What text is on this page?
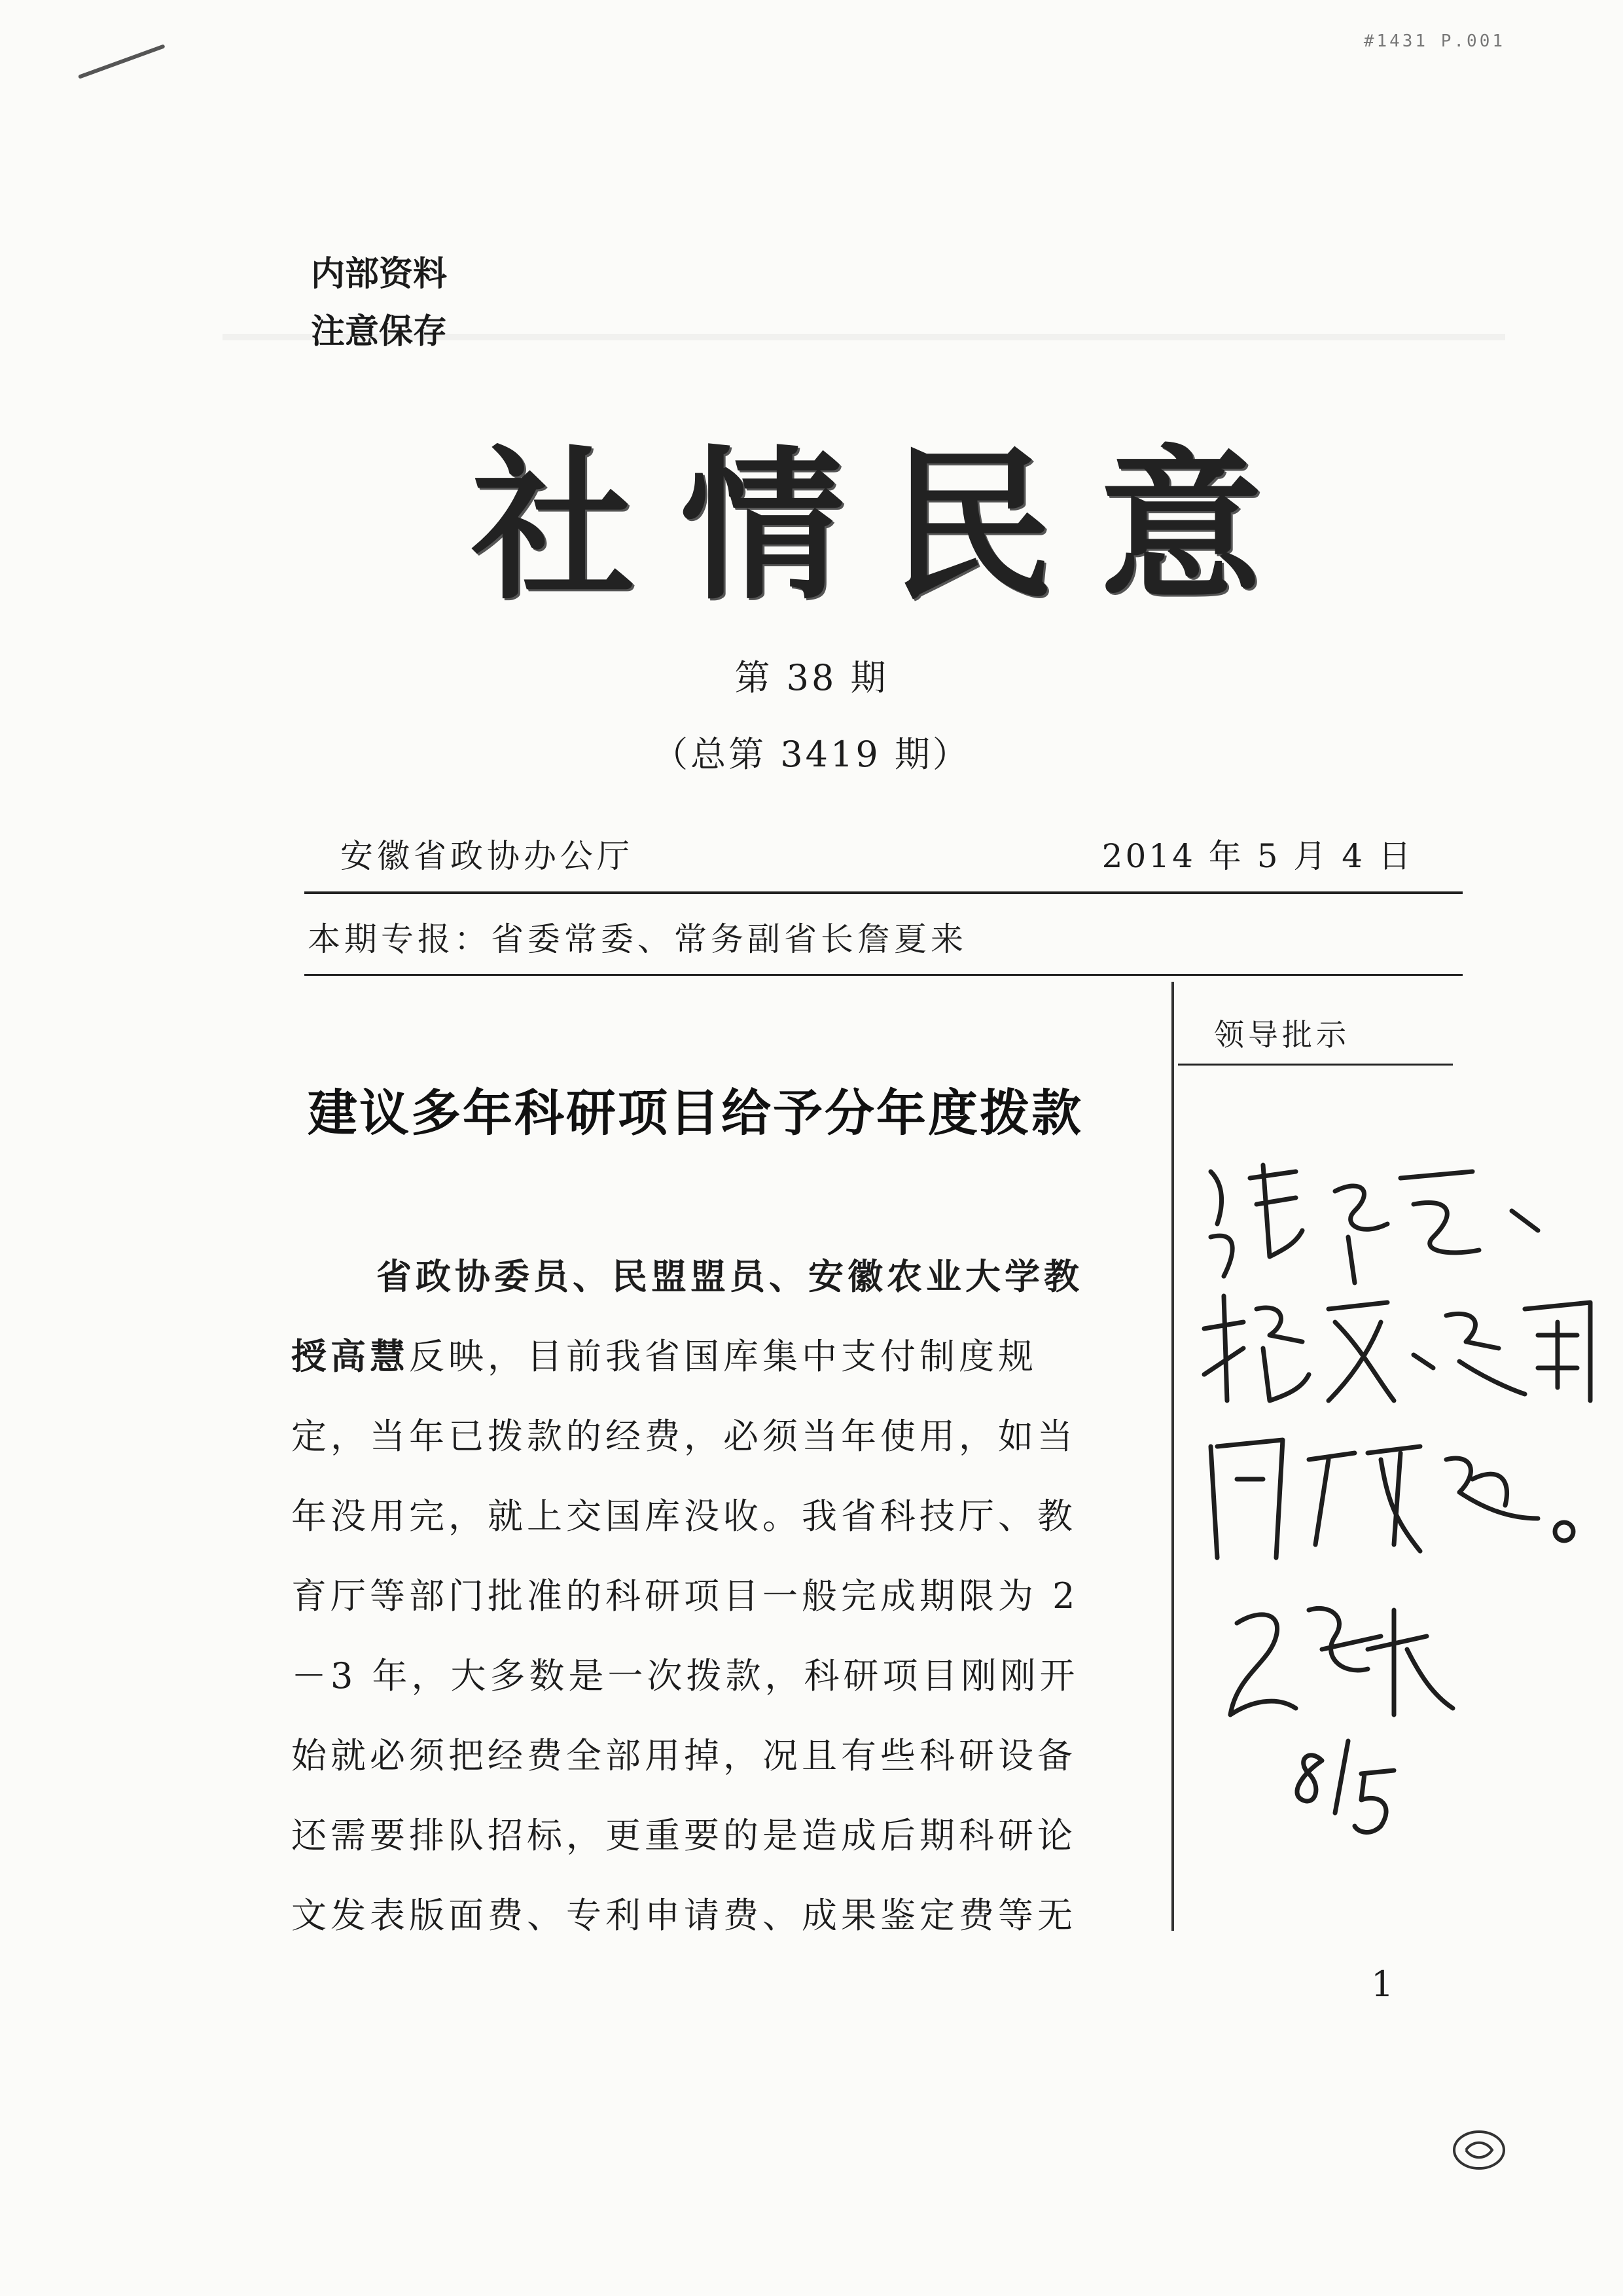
#1431 P.001
内部资料
注意保存
社情民意
第 38 期
（总第 3419 期）
安徽省政协办公厅	2014 年 5 月 4 日
本期专报：省委常委、常务副省长詹夏来
领导批示
建议多年科研项目给予分年度拨款
省政协委员、民盟盟员、安徽农业大学教
授高慧反映，目前我省国库集中支付制度规
定，当年已拨款的经费，必须当年使用，如当
年没用完，就上交国库没收。我省科技厅、教
育厅等部门批准的科研项目一般完成期限为 2
－3 年，大多数是一次拨款，科研项目刚刚开
始就必须把经费全部用掉，况且有些科研设备
还需要排队招标，更重要的是造成后期科研论
文发表版面费、专利申请费、成果鉴定费等无
1
